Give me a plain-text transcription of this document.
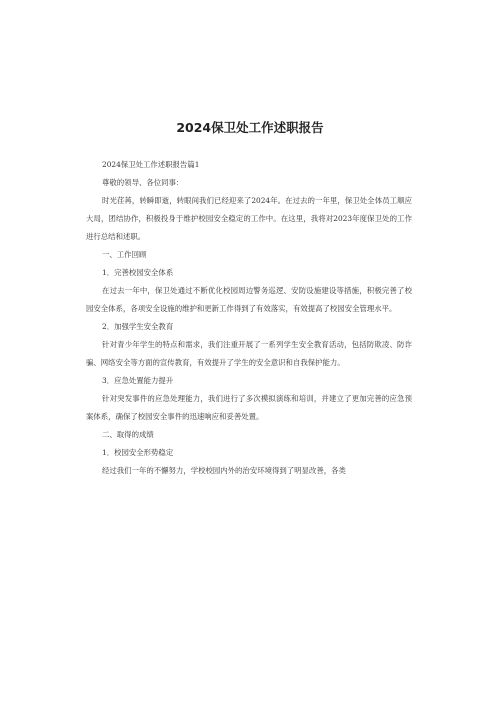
2024保卫处工作述职报告

2024保卫处工作述职报告篇1

尊敬的领导、各位同事：

时光荏苒，转瞬即逝，转眼间我们已经迎来了2024年。在过去的一年里，保卫处全体员工顺应大局，团结协作，积极投身于维护校园安全稳定的工作中。在这里，我将对2023年度保卫处的工作进行总结和述职。

一、工作回顾

1．完善校园安全体系

在过去一年中，保卫处通过不断优化校园周边警务巡逻、安防设施建设等措施，积极完善了校园安全体系，各项安全设施的维护和更新工作得到了有效落实，有效提高了校园安全管理水平。

2．加强学生安全教育

针对青少年学生的特点和需求，我们注重开展了一系列学生安全教育活动，包括防欺凌、防诈骗、网络安全等方面的宣传教育，有效提升了学生的安全意识和自我保护能力。

3．应急处置能力提升

针对突发事件的应急处理能力，我们进行了多次模拟演练和培训，并建立了更加完善的应急预案体系，确保了校园安全事件的迅速响应和妥善处置。

二、取得的成绩

1．校园安全形势稳定

经过我们一年的不懈努力，学校校园内外的治安环境得到了明显改善，各类
